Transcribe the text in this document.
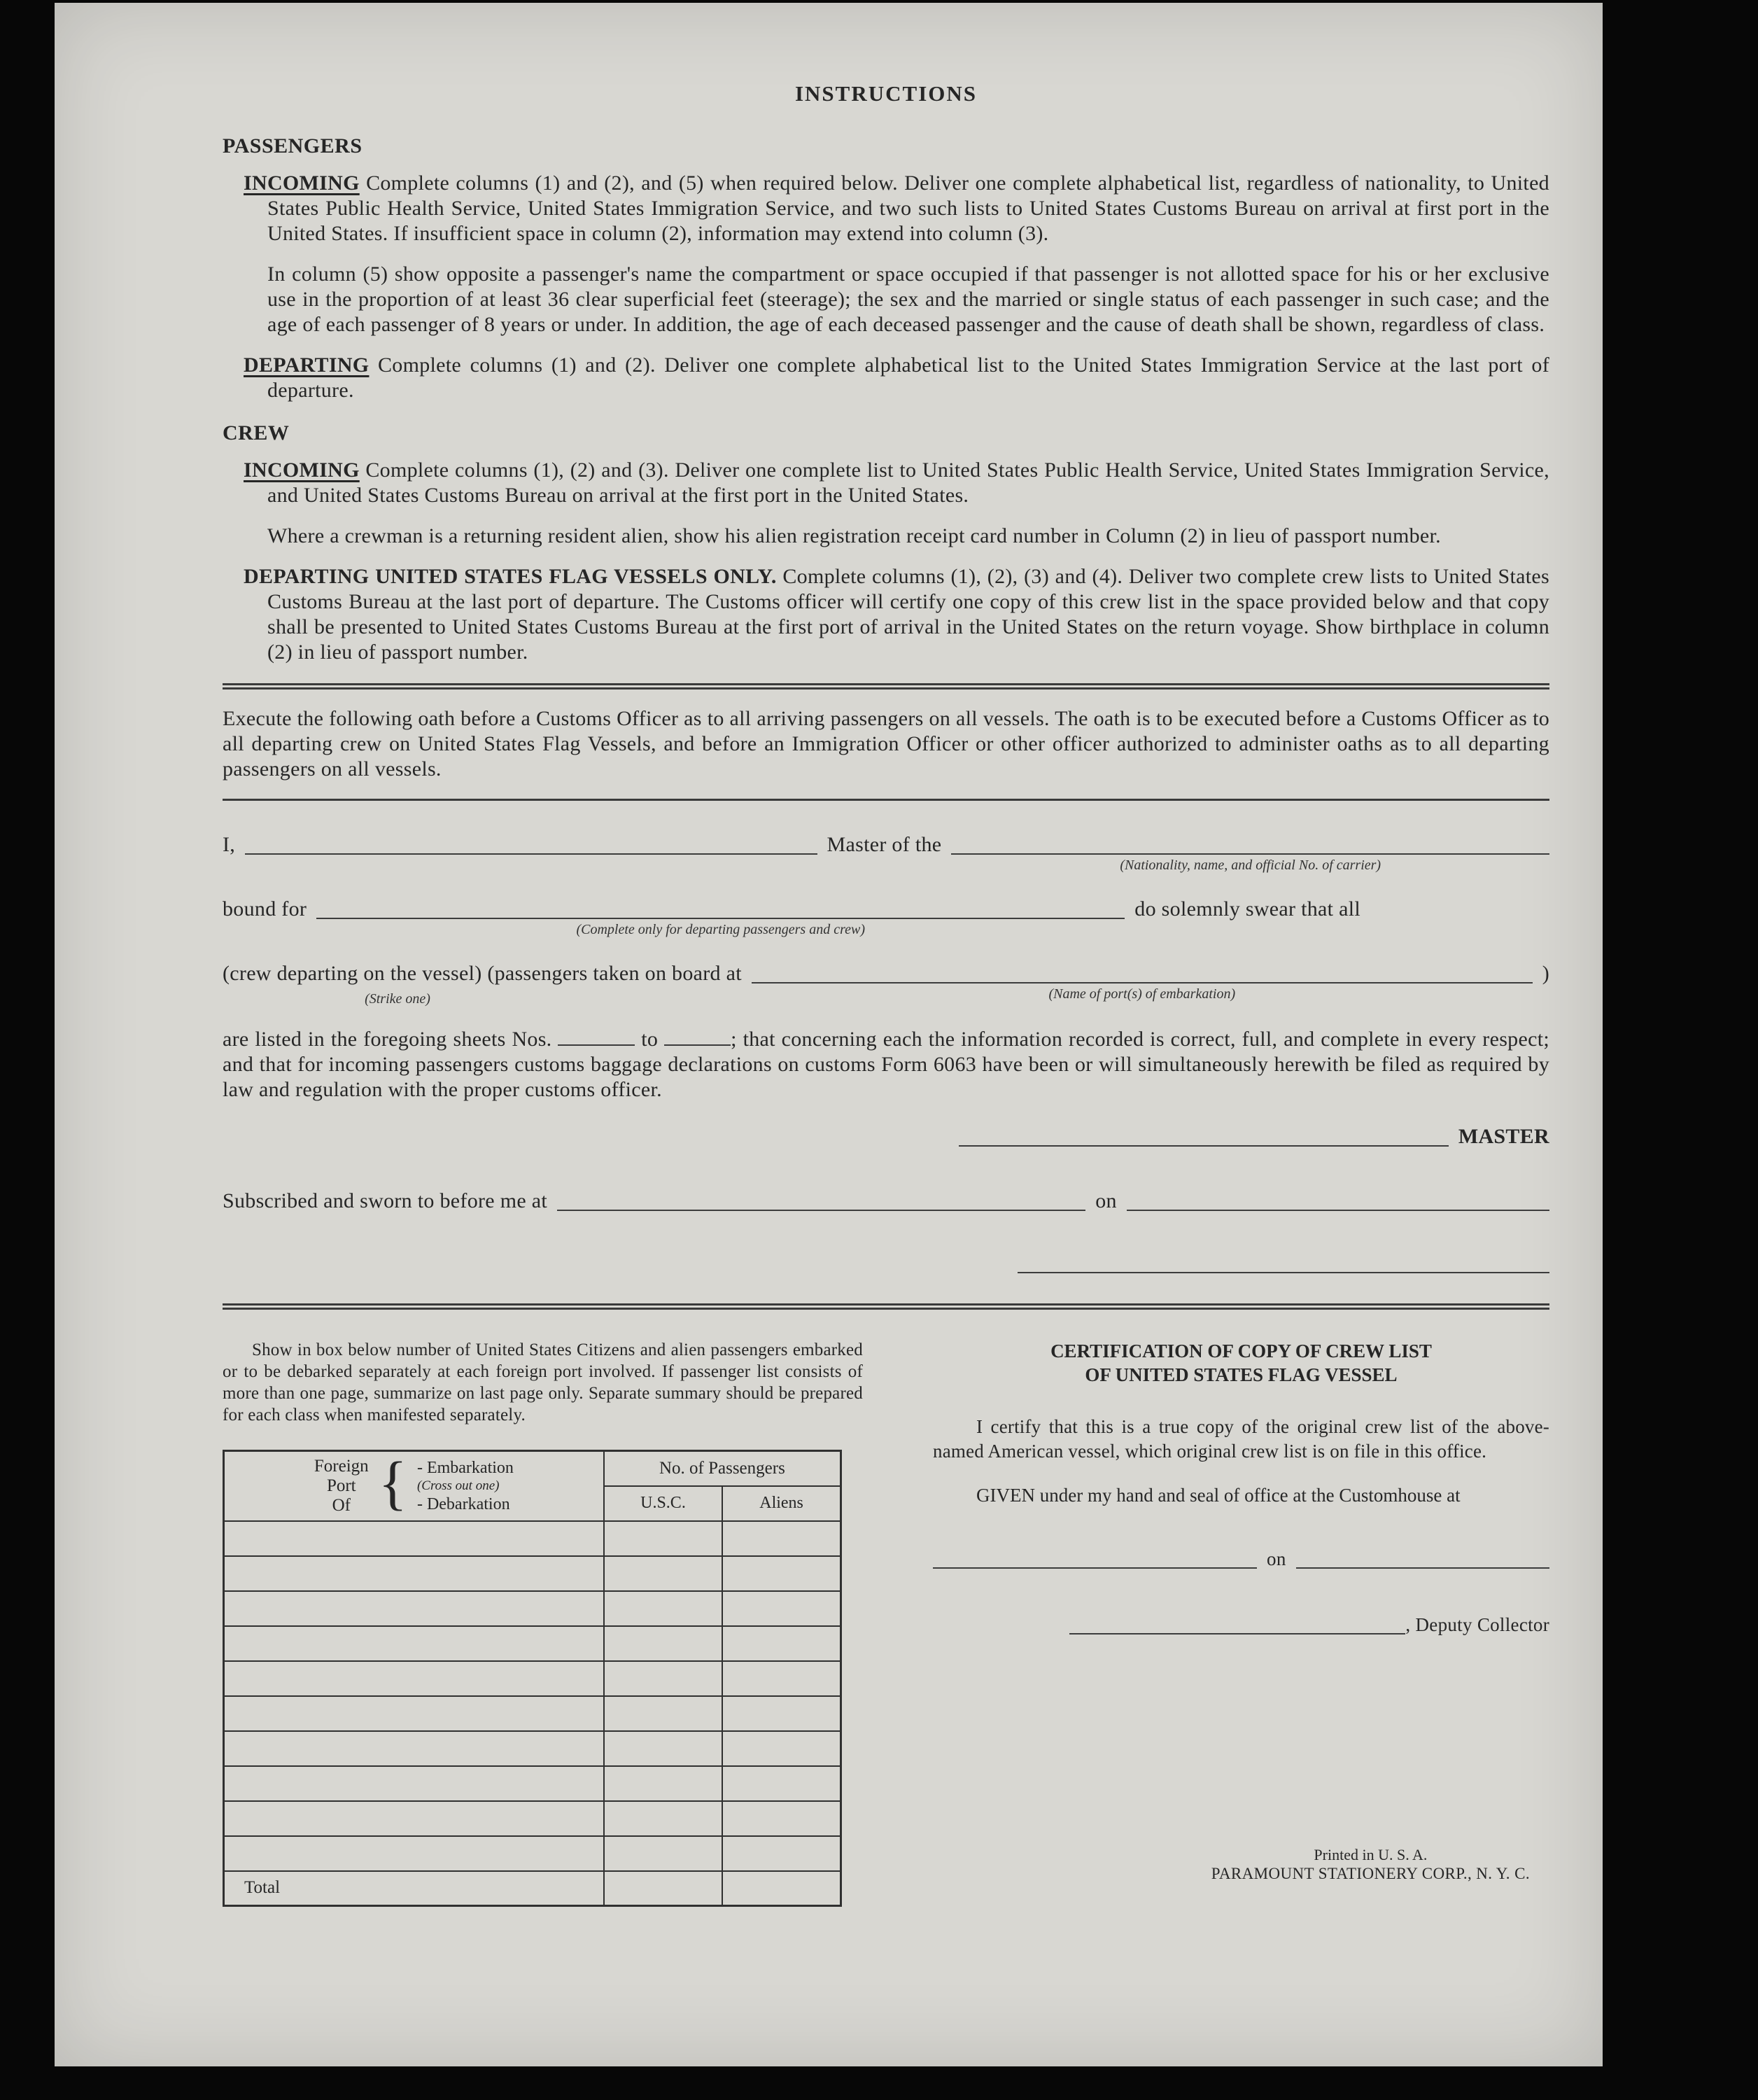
INSTRUCTIONS
PASSENGERS

INCOMING Complete columns (1) and (2), and (5) when required below. Deliver one complete alphabetical list, regardless of nationality, to United States Public Health Service, United States Immigration Service, and two such lists to United States Customs Bureau on arrival at first port in the United States. If insufficient space in column (2), information may extend into column (3).

In column (5) show opposite a passenger's name the compartment or space occupied if that passenger is not allotted space for his or her exclusive use in the proportion of at least 36 clear superficial feet (steerage); the sex and the married or single status of each passenger in such case; and the age of each passenger of 8 years or under. In addition, the age of each deceased passenger and the cause of death shall be shown, regardless of class.

DEPARTING Complete columns (1) and (2). Deliver one complete alphabetical list to the United States Immigration Service at the last port of departure.

CREW

INCOMING Complete columns (1), (2) and (3). Deliver one complete list to United States Public Health Service, United States Immigration Service, and United States Customs Bureau on arrival at the first port in the United States.

Where a crewman is a returning resident alien, show his alien registration receipt card number in Column (2) in lieu of passport number.

DEPARTING UNITED STATES FLAG VESSELS ONLY. Complete columns (1), (2), (3) and (4). Deliver two complete crew lists to United States Customs Bureau at the last port of departure. The Customs officer will certify one copy of this crew list in the space provided below and that copy shall be presented to United States Customs Bureau at the first port of arrival in the United States on the return voyage. Show birthplace in column (2) in lieu of passport number.

Execute the following oath before a Customs Officer as to all arriving passengers on all vessels. The oath is to be executed before a Customs Officer as to all departing crew on United States Flag Vessels, and before an Immigration Officer or other officer authorized to administer oaths as to all departing passengers on all vessels.

I,	Master of the
(Nationality, name, and official No. of carrier)
bound for
(Complete only for departing passengers and crew)
do solemnly swear that all
(crew departing on the vessel) (passengers taken on board at
(Strike one)	(Name of port(s) of embarkation)
)

are listed in the foregoing sheets Nos.	to	; that concerning each the information recorded is correct, full, and complete in every respect; and that for incoming passengers customs baggage declarations on customs Form 6063 have been or will simultaneously herewith be filed as required by law and regulation with the proper customs officer.

MASTER
Subscribed and sworn to before me at	on

Show in box below number of United States Citizens and alien passengers embarked or to be debarked separately at each foreign port involved. If passenger list consists of more than one page, summarize on last page only. Separate summary should be prepared for each class when manifested separately.

Foreign
Port
Of { - Embarkation
(Cross out one)
- Debarkation
	No. of Passengers
	U.S.C.	Aliens

Total		
CERTIFICATION OF COPY OF CREW LIST
OF UNITED STATES FLAG VESSEL

I certify that this is a true copy of the original crew list of the above-named American vessel, which original crew list is on file in this office.

GIVEN under my hand and seal of office at the Customhouse at

on
, Deputy Collector
Printed in U. S. A.
PARAMOUNT STATIONERY CORP., N. Y. C.
